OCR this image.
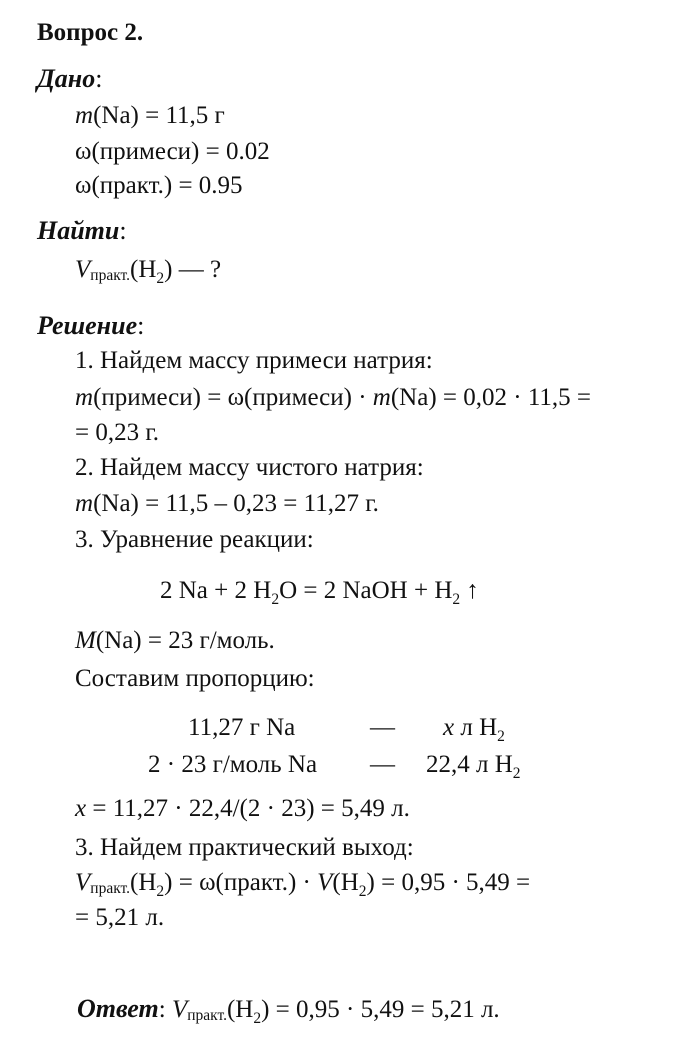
Вопрос 2.
Дано:
m(Na) = 11,5 г
ω(примеси) = 0.02
ω(практ.) = 0.95
Найти:
$Vпракт.(H_2)$ — ?
Решение:
1. Найдем массу примеси натрия:
m(примеси) = ω(примеси) · m(Na) = 0,02 · 11,5 =
= 0,23 г.
2. Найдем массу чистого натрия:
m(Na) = 11,5 – 0,23 = 11,27 г.
3. Уравнение реакции:
2 Na + 2 $H_2O = 2$ NaOH + $H_2$ ↑
M(Na) = 23 г/моль.
Составим пропорцию:
11,27 г Na	— x л $H_2$
2 · 23 г/моль Na — 22,4 л $H_2$
x = 11,27 · 22,4/(2 · 23) = 5,49 л.
3. Найдем практический выход:
$Vпракт.(H_2)$ = ω(практ.) · $V(H_2) = 0,95 \cdot 5,49$ =
= 5,21 л.
Ответ: $Vпракт.(H_2) = 0,95 \cdot 5,49 = 5,21$ л.
